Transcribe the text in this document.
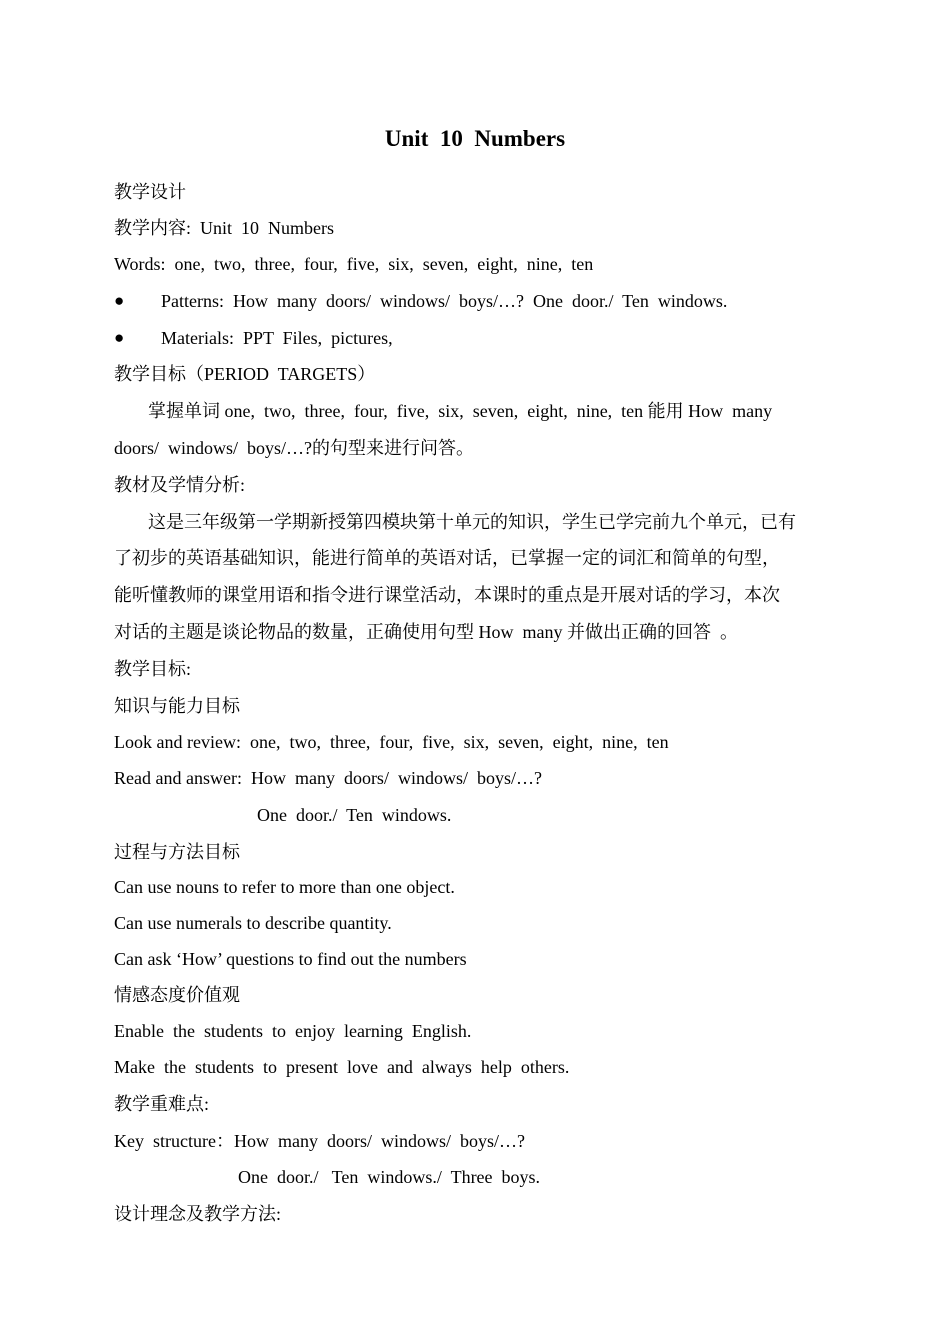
Unit  10  Numbers
教学设计
教学内容:  Unit  10  Numbers
Words:  one,  two,  three,  four,  five,  six,  seven,  eight,  nine,  ten
● Patterns:  How  many  doors/  windows/  boys/…?  One  door./  Ten  windows.
● Materials:  PPT  Files,  pictures,
教学目标（PERIOD  TARGETS）
掌握单词 one,  two,  three,  four,  five,  six,  seven,  eight,  nine,  ten 能用 How  many
doors/  windows/  boys/…?的句型来进行问答。
教材及学情分析:
这是三年级第一学期新授第四模块第十单元的知识，学生已学完前九个单元，已有
了初步的英语基础知识，能进行简单的英语对话，已掌握一定的词汇和简单的句型，
能听懂教师的课堂用语和指令进行课堂活动，本课时的重点是开展对话的学习，本次
对话的主题是谈论物品的数量，正确使用句型 How  many 并做出正确的回答  。
教学目标:
知识与能力目标
Look and review:  one,  two,  three,  four,  five,  six,  seven,  eight,  nine,  ten
Read and answer:  How  many  doors/  windows/  boys/…?
One  door./  Ten  windows.
过程与方法目标
Can use nouns to refer to more than one object.
Can use numerals to describe quantity.
Can ask ‘How’ questions to find out the numbers
情感态度价值观
Enable  the  students  to  enjoy  learning  English.
Make  the  students  to  present  love  and  always  help  others.
教学重难点:
Key  structure：How  many  doors/  windows/  boys/…?
One  door./   Ten  windows./  Three  boys.
设计理念及教学方法:
